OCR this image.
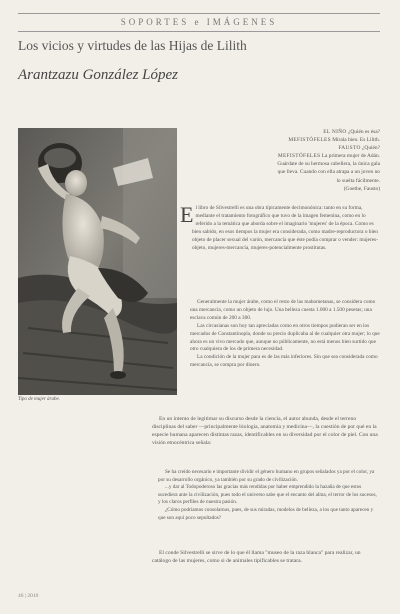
SOPORTES e IMÁGENES
Los vicios y virtudes de las Hijas de Lilith
Arantzazu González López
Tipo de mujer árabe.

EL NIÑO ¿Quién es ésa?

MEFISTÓFELES Mírala bien. Es Lilith.

FAUSTO ¿Quién?

MEFISTÓFELES La primera mujer de Adán.

Guárdate de su hermosa cabellera, la única gala

que lleva. Cuando con ella atrapa a un joven no

lo suelta fácilmente.

(Goethe, Fausto)

E l libro de Silvestrelli es una obra típicamente decimonónica: tanto en su forma, mediante el tratamiento fotográfico que tuvo de la imagen femenina, como en lo referido a la temática que aborda sobre el imaginario 'mujeres' de la época. Como es bien sabido, en esos tiempos la mujer era considerada, como madre-reproductora o bien objeto de placer sexual del varón, mercancía que éste podía comprar o vender: mujeres-objeto, mujeres-mercancía, mujeres-potencialmente prostitutas.

Generalmente la mujer árabe, como el resto de las mahometanas, se considera como una mercancía, como un objeto de lujo. Una belleza cuesta 1.000 a 1.500 pesetas; una esclava común de 200 a 300.

Las circasianas son hoy tan apreciadas como en otros tiempos pudieran ser en los mercados de Constantinopla, donde su precio duplicaba al de cualquier otra mujer; lo que ahora es un vivo mercado que, aunque no públicamente, no está menos bien surtido que otro cualquiera de los de primera necesidad.

La condición de la mujer para es de las más inferiores. Sin que sea considerada como mercancía, se compra por dinero.

En un intento de legitimar su discurso desde la ciencia, el autor abunda, desde el terreno disciplinas del saber —principalmente biología, anatomía y medicina—, la cuestión de por qué en la especie humana aparecen distintas razas, identificables en su diversidad por el color de piel. Con una visión etnocéntrica señala:

Se ha creído necesario e importante dividir el género humano en grupos señalados ya por el color, ya por su desarrollo orgánico, ya también por su grado de civilización.

...y dar al Todopoderoso las gracias más rendidas por haber emprendido la hazaña de que estos sucediera ante la civilización, pues todo el universo sabe que el encanto del alma, el terror de los sucesos, y los claros perfiles de nuestra pasión.

¿Cómo podríamos consolarnos, pues, de sus miradas, modelos de belleza, a los que tanto aparecen y que son aquí poco sepultados?

El conde Silvestrelli se sirve de lo que él llama "museo de la raza blanca" para realizar, un catálogo de las mujeres, como si de animales tipificables se tratara.

46 | 2010
